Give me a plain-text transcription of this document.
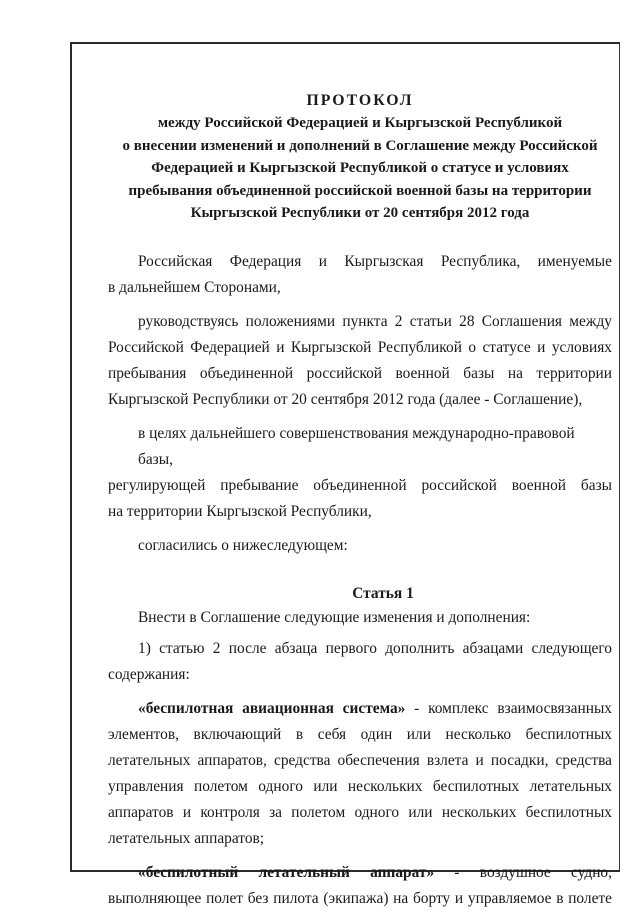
ПРОТОКОЛ

между Российской Федерацией и Кыргызской Республикой
о внесении изменений и дополнений в Соглашение между Российской
Федерацией и Кыргызской Республикой о статусе и условиях
пребывания объединенной российской военной базы на территории
Кыргызской Республики от 20 сентября 2012 года
Российская Федерация и Кыргызская Республика, именуемые
в дальнейшем Сторонами,
руководствуясь положениями пункта 2 статьи 28 Соглашения между
Российской Федерацией и Кыргызской Республикой о статусе и условиях
пребывания объединенной российской военной базы на территории
Кыргызской Республики от 20 сентября 2012 года (далее - Соглашение),
в целях дальнейшего совершенствования международно-правовой базы,
регулирующей пребывание объединенной российской военной базы
на территории Кыргызской Республики,
согласились о нижеследующем:
Статья 1
Внести в Соглашение следующие изменения и дополнения:
1) статью 2 после абзаца первого дополнить абзацами следующего
содержания:
«беспилотная авиационная система» - комплекс взаимосвязанных
элементов, включающий в себя один или несколько беспилотных
летательных аппаратов, средства обеспечения взлета и посадки, средства
управления полетом одного или нескольких беспилотных летательных
аппаратов и контроля за полетом одного или нескольких беспилотных
летательных аппаратов;
«беспилотный летательный аппарат» - воздушное судно,
выполняющее полет без пилота (экипажа) на борту и управляемое в полете
